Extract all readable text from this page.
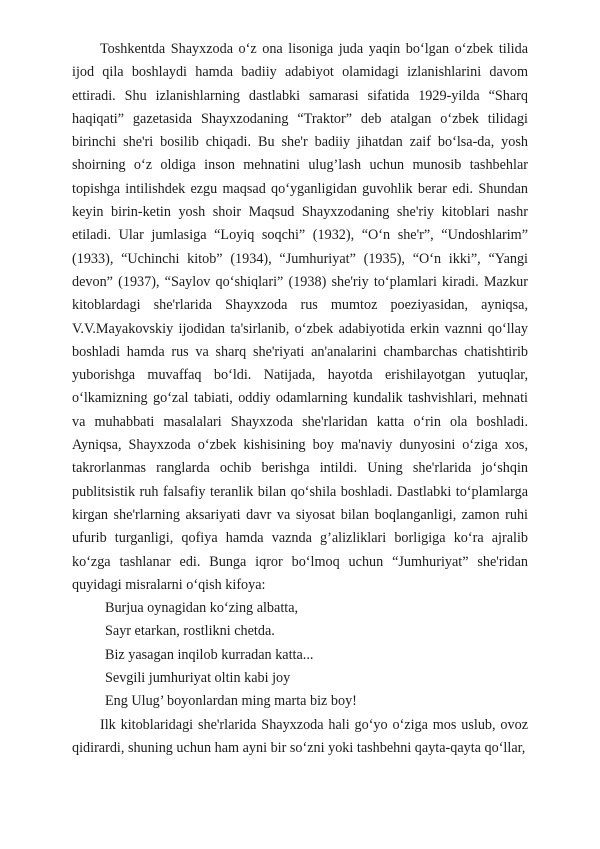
Toshkentda Shayxzoda o‘z ona lisoniga juda yaqin bo‘lgan o‘zbek tilida ijod qila boshlaydi hamda badiiy adabiyot olamidagi izlanishlarini davom ettiradi. Shu izlanishlarning dastlabki samarasi sifatida 1929-yilda “Sharq haqiqati” gazetasida Shayxzodaning “Traktor” deb atalgan o‘zbek tilidagi birinchi she'ri bosilib chiqadi. Bu she'r badiiy jihatdan zaif bo‘lsa-da, yosh shoirning o‘z oldiga inson mehnatini ulug’lash uchun munosib tashbehlar topishga intilishdek ezgu maqsad qo‘yganligidan guvohlik berar edi. Shundan keyin birin-ketin yosh shoir Maqsud Shayxzodaning she'riy kitoblari nashr etiladi. Ular jumlasiga “Loyiq soqchi” (1932), “O‘n she'r”, “Undoshlarim” (1933), “Uchinchi kitob” (1934), “Jumhuriyat” (1935), “O‘n ikki”, “Yangi devon” (1937), “Saylov qo‘shiqlari” (1938) she'riy to‘plamlari kiradi. Mazkur kitoblardagi she'rlarida Shayxzoda rus mumtoz poeziyasidan, ayniqsa, V.V.Mayakovskiy ijodidan ta'sirlanib, o‘zbek adabiyotida erkin vaznni qo‘llay boshladi hamda rus va sharq she'riyati an'analarini chambarchas chatishtirib yuborishga muvaffaq bo‘ldi. Natijada, hayotda erishilayotgan yutuqlar, o‘lkamizning go‘zal tabiati, oddiy odamlarning kundalik tashvishlari, mehnati va muhabbati masalalari Shayxzoda she'rlaridan katta o‘rin ola boshladi. Ayniqsa, Shayxzoda o‘zbek kishisining boy ma'naviy dunyosini o‘ziga xos, takrorlanmas ranglarda ochib berishga intildi. Uning she'rlarida jo‘shqin publitsistik ruh falsafiy teranlik bilan qo‘shila boshladi. Dastlabki to‘plamlarga kirgan she'rlarning aksariyati davr va siyosat bilan boqlanganligi, zamon ruhi ufurib turganligi, qofiya hamda vaznda g’alizliklari borligiga ko‘ra ajralib ko‘zga tashlanar edi. Bunga iqror bo‘lmoq uchun “Jumhuriyat” she'ridan quyidagi misralarni o‘qish kifoya:

Burjua oynagidan ko‘zing albatta,
Sayr etarkan, rostlikni chetda.
Biz yasagan inqilob kurradan katta...
Sevgili jumhuriyat oltin kabi joy
Eng Ulug’ boyonlardan ming marta biz boy!

Ilk kitoblaridagi she'rlarida Shayxzoda hali go‘yo o‘ziga mos uslub, ovoz qidirardi, shuning uchun ham ayni bir so‘zni yoki tashbehni qayta-qayta qo‘llar,
